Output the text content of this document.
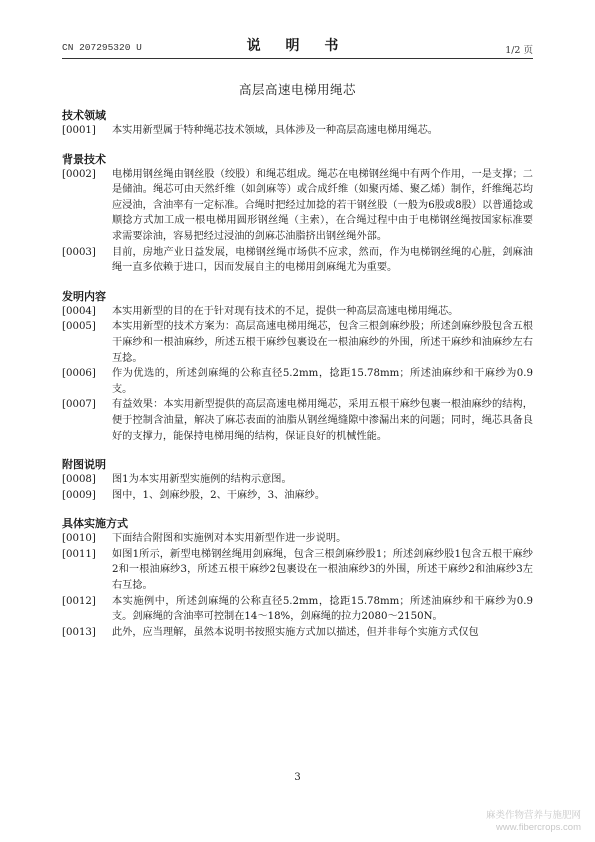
CN 207295320 U	说 明 书	1/2 页
高层高速电梯用绳芯
技术领域
[0001]	本实用新型属于特种绳芯技术领域，具体涉及一种高层高速电梯用绳芯。
背景技术
[0002]	电梯用钢丝绳由钢丝股（绞股）和绳芯组成。绳芯在电梯钢丝绳中有两个作用，一是支撑；二是储油。绳芯可由天然纤维（如剑麻等）或合成纤维（如聚丙烯、聚乙烯）制作，纤维绳芯均应浸油，含油率有一定标准。合绳时把经过加捻的若干钢丝股（一般为6股或8股）以普通捻或顺捻方式加工成一根电梯用圆形钢丝绳（主索），在合绳过程中由于电梯钢丝绳按国家标准要求需要涂油，容易把经过浸油的剑麻芯油脂挤出钢丝绳外部。
[0003]	目前，房地产业日益发展，电梯钢丝绳市场供不应求，然而，作为电梯钢丝绳的心脏，剑麻油绳一直多依赖于进口，因而发展自主的电梯用剑麻绳尤为重要。
发明内容
[0004]	本实用新型的目的在于针对现有技术的不足，提供一种高层高速电梯用绳芯。
[0005]	本实用新型的技术方案为：高层高速电梯用绳芯，包含三根剑麻纱股；所述剑麻纱股包含五根干麻纱和一根油麻纱，所述五根干麻纱包裹设在一根油麻纱的外围，所述干麻纱和油麻纱左右互捻。
[0006]	作为优选的，所述剑麻绳的公称直径5.2mm，捻距15.78mm；所述油麻纱和干麻纱为0.9支。
[0007]	有益效果：本实用新型提供的高层高速电梯用绳芯，采用五根干麻纱包裹一根油麻纱的结构，便于控制含油量，解决了麻芯表面的油脂从钢丝绳缝隙中渗漏出来的问题；同时，绳芯具备良好的支撑力，能保持电梯用绳的结构，保证良好的机械性能。
附图说明
[0008]	图1为本实用新型实施例的结构示意图。
[0009]	图中，1、剑麻纱股，2、干麻纱，3、油麻纱。
具体实施方式
[0010]	下面结合附图和实施例对本实用新型作进一步说明。
[0011]	如图1所示，新型电梯钢丝绳用剑麻绳，包含三根剑麻纱股1；所述剑麻纱股1包含五根干麻纱2和一根油麻纱3，所述五根干麻纱2包裹设在一根油麻纱3的外围，所述干麻纱2和油麻纱3左右互捻。
[0012]	本实施例中，所述剑麻绳的公称直径5.2mm，捻距15.78mm；所述油麻纱和干麻纱为0.9支。剑麻绳的含油率可控制在14～18%，剑麻绳的拉力2080～2150N。
[0013]	此外，应当理解，虽然本说明书按照实施方式加以描述，但并非每个实施方式仅包
3
麻类作物营养与施肥网
www.fibercrops.com
